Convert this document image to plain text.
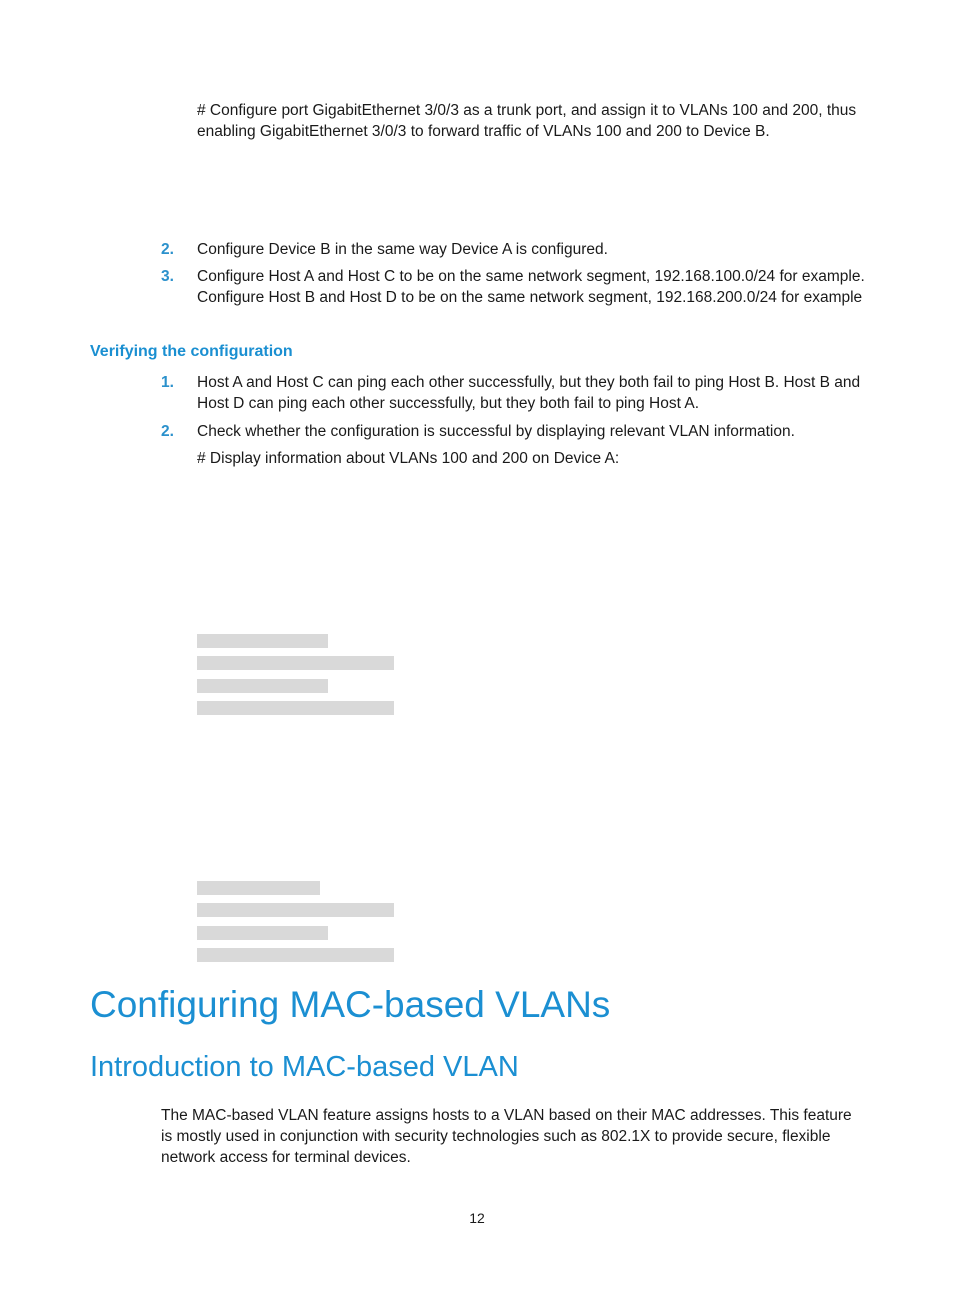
# Configure port GigabitEthernet 3/0/3 as a trunk port, and assign it to VLANs 100 and 200, thus enabling GigabitEthernet 3/0/3 to forward traffic of VLANs 100 and 200 to Device B.
2. Configure Device B in the same way Device A is configured.
3. Configure Host A and Host C to be on the same network segment, 192.168.100.0/24 for example. Configure Host B and Host D to be on the same network segment, 192.168.200.0/24 for example
Verifying the configuration
1. Host A and Host C can ping each other successfully, but they both fail to ping Host B. Host B and Host D can ping each other successfully, but they both fail to ping Host A.
2. Check whether the configuration is successful by displaying relevant VLAN information.
# Display information about VLANs 100 and 200 on Device A:
Configuring MAC-based VLANs
Introduction to MAC-based VLAN
The MAC-based VLAN feature assigns hosts to a VLAN based on their MAC addresses. This feature is mostly used in conjunction with security technologies such as 802.1X to provide secure, flexible network access for terminal devices.
12
